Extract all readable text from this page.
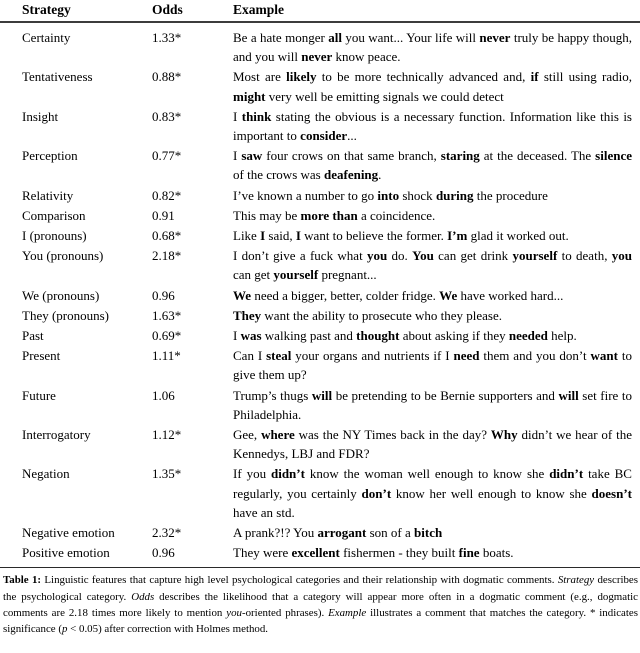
Strategy	Odds	Example
Certainty	1.33*	Be a hate monger all you want... Your life will never truly be happy though, and you will never know peace.
Tentativeness	0.88*	Most are likely to be more technically advanced and, if still using radio, might very well be emitting signals we could detect
Insight	0.83*	I think stating the obvious is a necessary function. Information like this is important to consider...
Perception	0.77*	I saw four crows on that same branch, staring at the deceased. The silence of the crows was deafening.
Relativity	0.82*	I’ve known a number to go into shock during the procedure
Comparison	0.91	This may be more than a coincidence.
I (pronouns)	0.68*	Like I said, I want to believe the former. I’m glad it worked out.
You (pronouns)	2.18*	I don’t give a fuck what you do. You can get drink yourself to death, you can get yourself pregnant...
We (pronouns)	0.96	We need a bigger, better, colder fridge. We have worked hard...
They (pronouns)	1.63*	They want the ability to prosecute who they please.
Past	0.69*	I was walking past and thought about asking if they needed help.
Present	1.11*	Can I steal your organs and nutrients if I need them and you don’t want to give them up?
Future	1.06	Trump’s thugs will be pretending to be Bernie supporters and will set fire to Philadelphia.
Interrogatory	1.12*	Gee, where was the NY Times back in the day? Why didn’t we hear of the Kennedys, LBJ and FDR?
Negation	1.35*	If you didn’t know the woman well enough to know she didn’t take BC regularly, you certainly don’t know her well enough to know she doesn’t have an std.
Negative emotion	2.32*	A prank?!? You arrogant son of a bitch
Positive emotion	0.96	They were excellent fishermen - they built fine boats.
Table 1: Linguistic features that capture high level psychological categories and their relationship with dogmatic comments. Strategy describes the psychological category. Odds describes the likelihood that a category will appear more often in a dogmatic comment (e.g., dogmatic comments are 2.18 times more likely to mention you-oriented phrases). Example illustrates a comment that matches the category. * indicates significance (p < 0.05) after correction with Holmes method.
